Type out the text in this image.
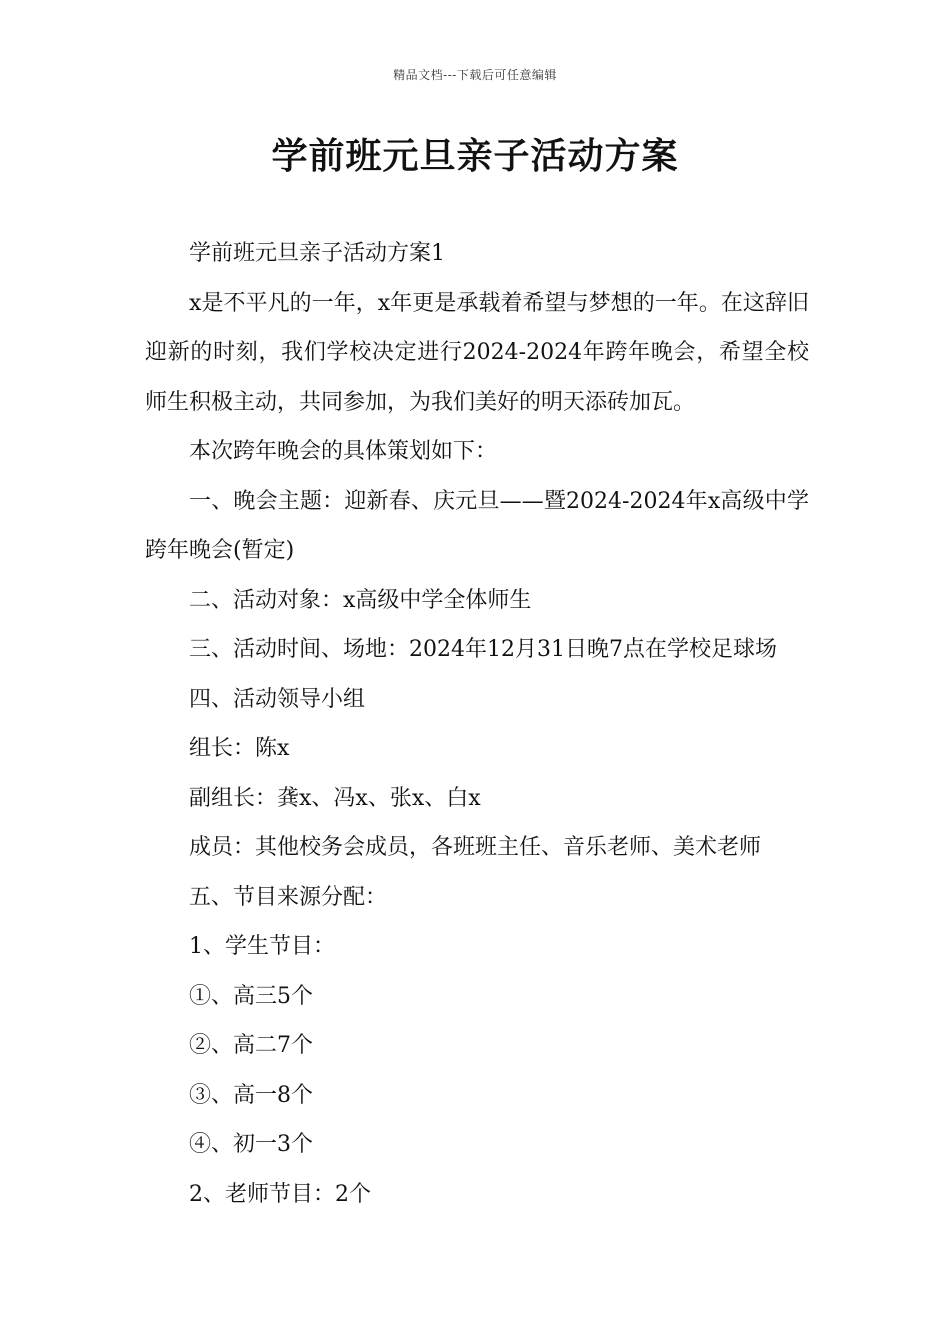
精品文档---下载后可任意编辑
学前班元旦亲子活动方案

学前班元旦亲子活动方案1

x是不平凡的一年，x年更是承载着希望与梦想的一年。在这辞旧迎新的时刻，我们学校决定进行2024-2024年跨年晚会，希望全校师生积极主动，共同参加，为我们美好的明天添砖加瓦。

本次跨年晚会的具体策划如下：

一、晚会主题：迎新春、庆元旦——暨2024-2024年x高级中学跨年晚会(暂定)

二、活动对象：x高级中学全体师生

三、活动时间、场地：2024年12月31日晚7点在学校足球场

四、活动领导小组

组长：陈x

副组长：龚x、冯x、张x、白x

成员：其他校务会成员，各班班主任、音乐老师、美术老师

五、节目来源分配：

1、学生节目：

①、高三5个

②、高二7个

③、高一8个

④、初一3个

2、老师节目：2个
